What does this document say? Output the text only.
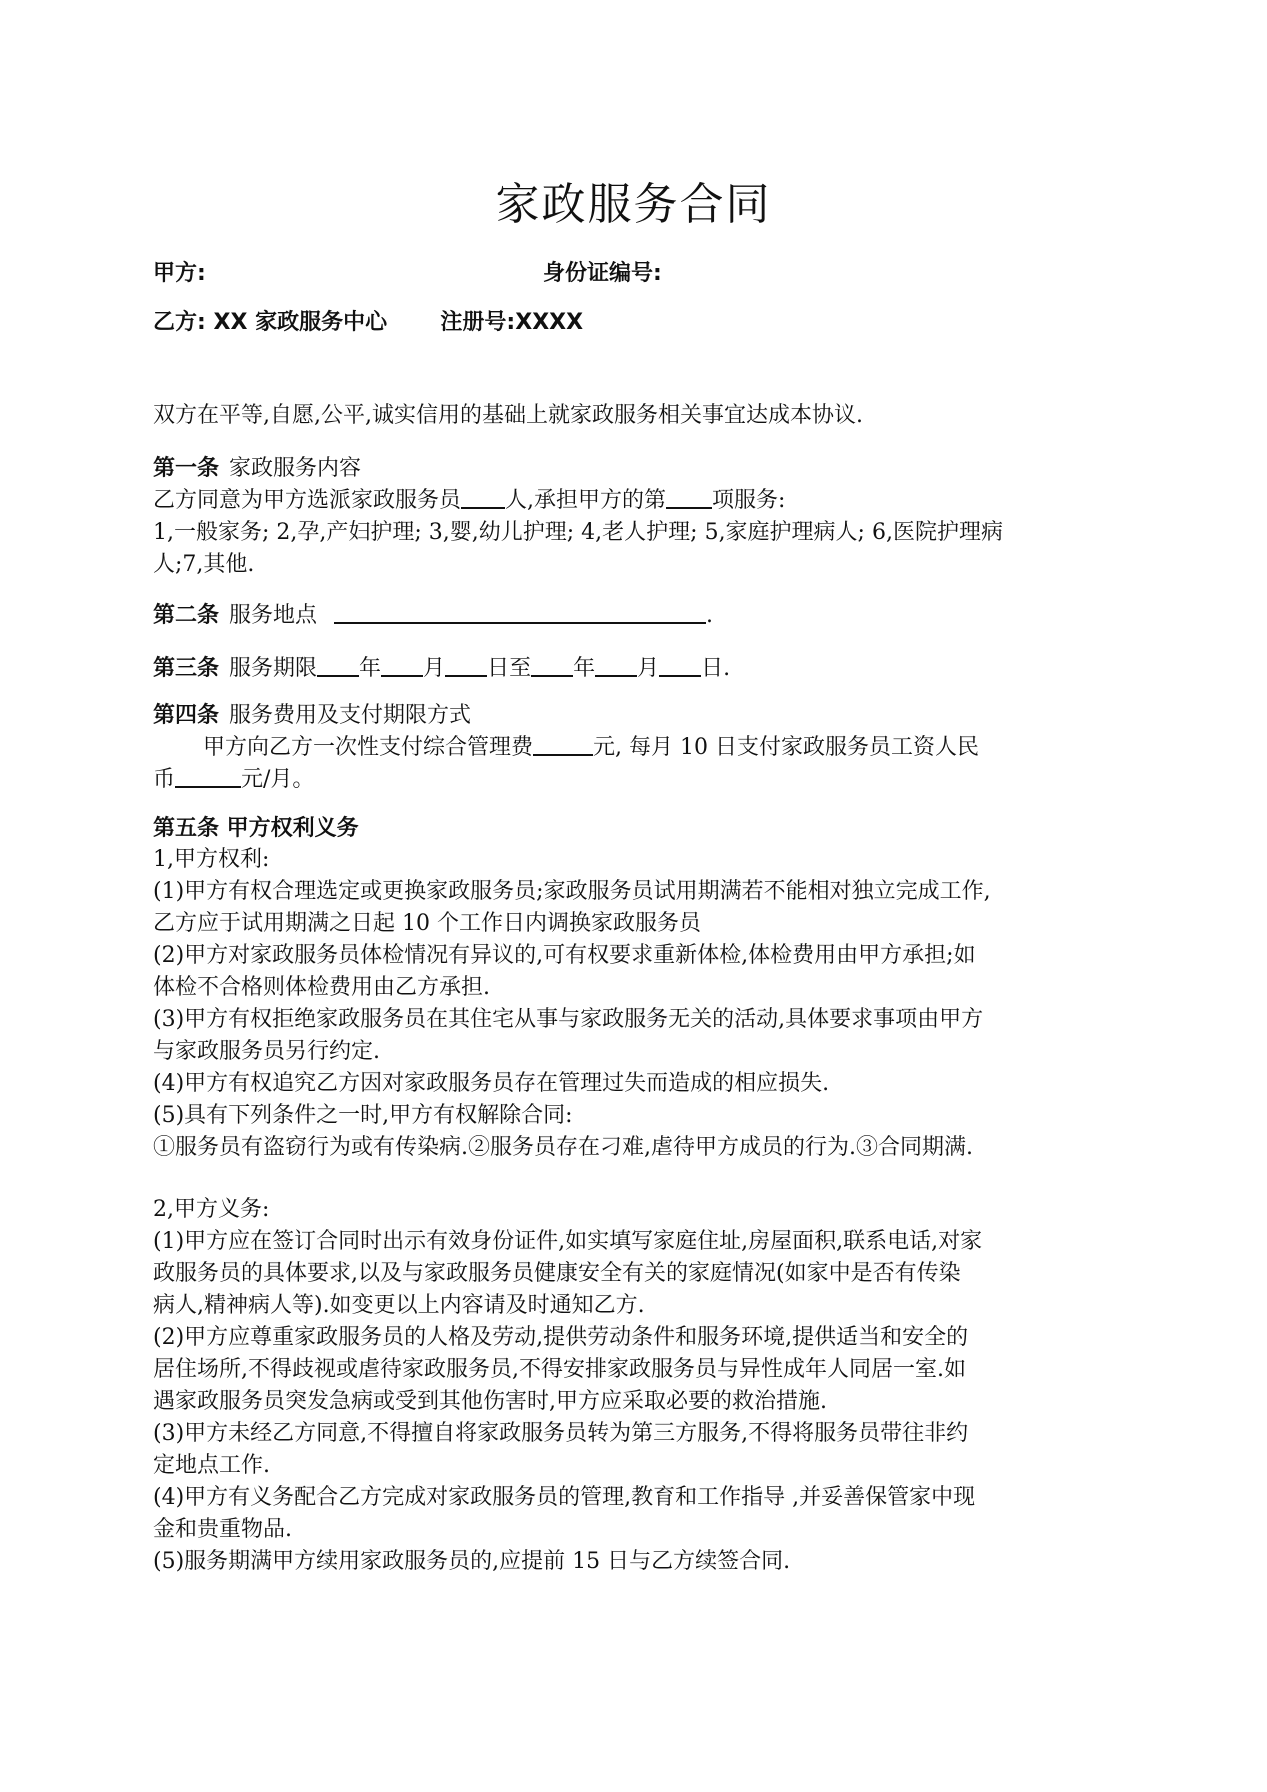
家政服务合同
甲方:	身份证编号:
乙方: XX 家政服务中心 注册号:XXXX
双方在平等,自愿,公平,诚实信用的基础上就家政服务相关事宜达成本协议.
第一条 家政服务内容
乙方同意为甲方选派家政服务员 人,承担甲方的第 项服务:
1,一般家务; 2,孕,产妇护理; 3,婴,幼儿护理; 4,老人护理; 5,家庭护理病人; 6,医院护理病
人;7,其他.
第二条 服务地点	.
第三条 服务期限 年 月 日至 年 月 日.
第四条 服务费用及支付期限方式
甲方向乙方一次性支付综合管理费	元, 每月 10 日支付家政服务员工资人民
币	元/月。
第五条 甲方权利义务
1,甲方权利:
(1)甲方有权合理选定或更换家政服务员;家政服务员试用期满若不能相对独立完成工作,
乙方应于试用期满之日起 10 个工作日内调换家政服务员
(2)甲方对家政服务员体检情况有异议的,可有权要求重新体检,体检费用由甲方承担;如
体检不合格则体检费用由乙方承担.
(3)甲方有权拒绝家政服务员在其住宅从事与家政服务无关的活动,具体要求事项由甲方
与家政服务员另行约定.
(4)甲方有权追究乙方因对家政服务员存在管理过失而造成的相应损失.
(5)具有下列条件之一时,甲方有权解除合同:
①服务员有盗窃行为或有传染病.②服务员存在刁难,虐待甲方成员的行为.③合同期满.
2,甲方义务:
(1)甲方应在签订合同时出示有效身份证件,如实填写家庭住址,房屋面积,联系电话,对家
政服务员的具体要求,以及与家政服务员健康安全有关的家庭情况(如家中是否有传染
病人,精神病人等).如变更以上内容请及时通知乙方.
(2)甲方应尊重家政服务员的人格及劳动,提供劳动条件和服务环境,提供适当和安全的
居住场所,不得歧视或虐待家政服务员,不得安排家政服务员与异性成年人同居一室.如
遇家政服务员突发急病或受到其他伤害时,甲方应采取必要的救治措施.
(3)甲方未经乙方同意,不得擅自将家政服务员转为第三方服务,不得将服务员带往非约
定地点工作.
(4)甲方有义务配合乙方完成对家政服务员的管理,教育和工作指导 ,并妥善保管家中现
金和贵重物品.
(5)服务期满甲方续用家政服务员的,应提前 15 日与乙方续签合同.
